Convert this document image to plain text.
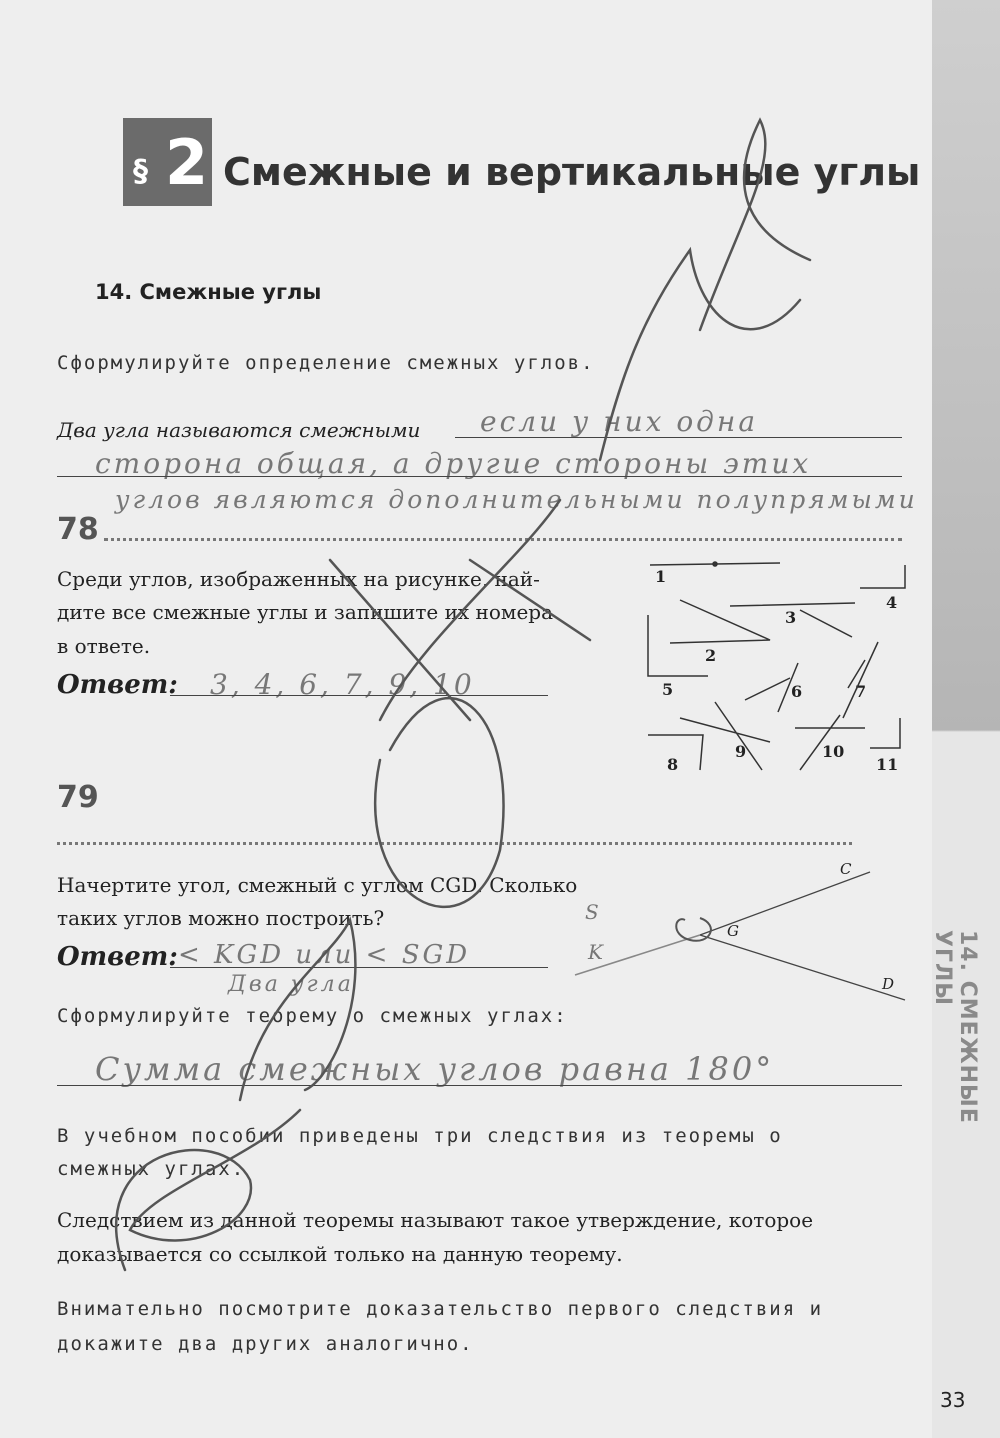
14. СМЕЖНЫЕ УГЛЫ
§ 2 Смежные и вертикальные углы
14. Смежные углы
Сформулируйте определение смежных углов.
Два угла называются смежными если у них одна
сторона общая, а другие стороны этих
углов являются дополнительными полупрямыми
78
Среди углов, изображенных на рисунке, най-
дите все смежные углы и запишите их номера
в ответе.
Ответ: 3, 4, 6, 7, 9, 10
1
2
3
4
5	6	7
8
9	10
11
79
Начертите угол, смежный с углом CGD. Сколько
таких углов можно построить?
Ответ: < KGD или < SGD
Два угла
C
G
D
S
K
Сформулируйте теорему о смежных углах:
Сумма смежных углов равна 180°
В учебном пособии приведены три следствия из теоремы о
смежных углах.
Следствием из данной теоремы называют такое утверждение, которое
доказывается со ссылкой только на данную теорему.
Внимательно посмотрите доказательство первого следствия и
докажите два других аналогично.
33
